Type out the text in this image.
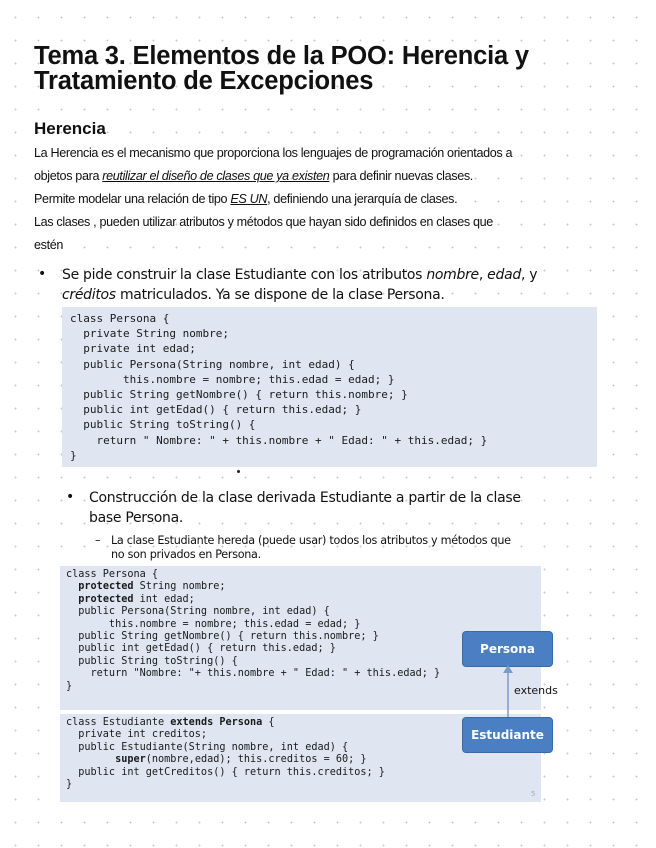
Tema 3. Elementos de la POO: Herencia y
Tratamiento de Excepciones
Herencia

La Herencia es el mecanismo que proporciona los lenguajes de programación orientados a

objetos para reutilizar el diseño de clases que ya existen para definir nuevas clases.

Permite modelar una relación de tipo ES UN, definiendo una jerarquía de clases.

Las clases , pueden utilizar atributos y métodos que hayan sido definidos en clases que

estén

• Se pide construir la clase Estudiante con los atributos nombre, edad, y
créditos matriculados. Ya se dispone de la clase Persona.

class Persona {
private String nombre;
private int edad;
public Persona(String nombre, int edad) {
this.nombre = nombre; this.edad = edad; }
public String getNombre() { return this.nombre; }
public int getEdad() { return this.edad; }
public String toString() {
return " Nombre: " + this.nombre + " Edad: " + this.edad; }
}
• Construcción de la clase derivada Estudiante a partir de la clase
base Persona.

– La clase Estudiante hereda (puede usar) todos los atributos y métodos que
no son privados en Persona.

class Persona {
protected String nombre;
protected int edad;
public Persona(String nombre, int edad) {
this.nombre = nombre; this.edad = edad; }
public String getNombre() { return this.nombre; }
public int getEdad() { return this.edad; }
public String toString() {
return "Nombre: "+ this.nombre + " Edad: " + this.edad; }
}
class Estudiante extends Persona {
private int creditos;
public Estudiante(String nombre, int edad) {
super(nombre,edad); this.creditos = 60; }
public int getCreditos() { return this.creditos; }
}
Persona
extends
Estudiante
5
